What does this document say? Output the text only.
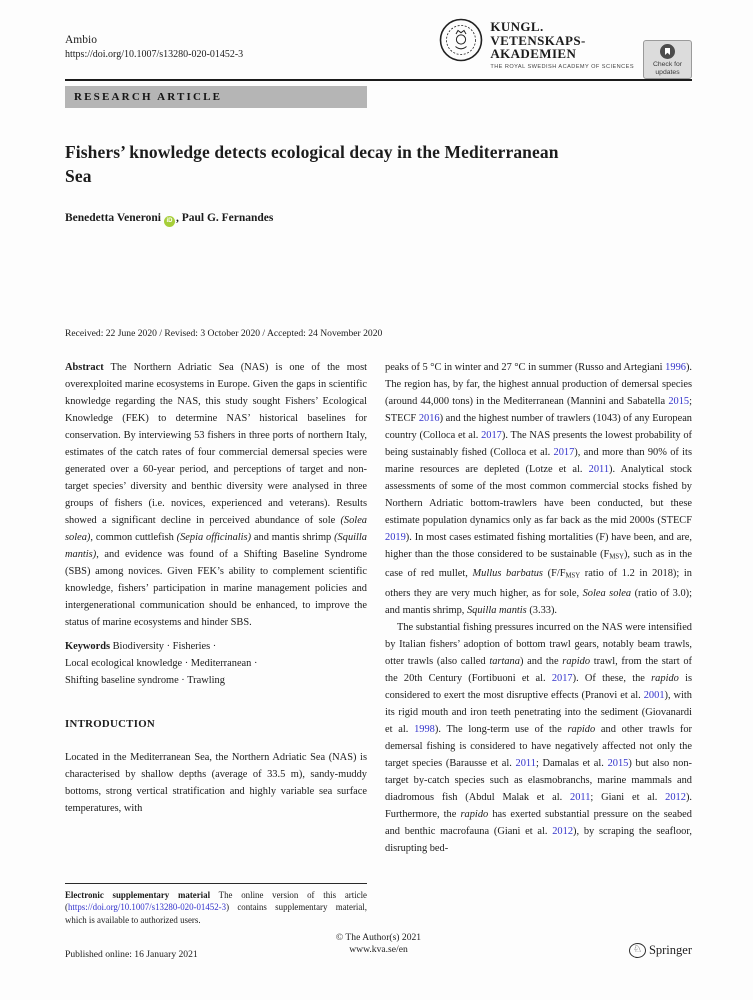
Ambio
https://doi.org/10.1007/s13280-020-01452-3
KUNGL.
VETENSKAPS-
AKADEMIEN
THE ROYAL SWEDISH ACADEMY OF SCIENCES	Check for
updates
RESEARCH ARTICLE
Fishers’ knowledge detects ecological decay in the Mediterranean
Sea
Benedetta Veneroni iD , Paul G. Fernandes
Received: 22 June 2020 / Revised: 3 October 2020 / Accepted: 24 November 2020

Abstract The Northern Adriatic Sea (NAS) is one of the most overexploited marine ecosystems in Europe. Given the gaps in scientific knowledge regarding the NAS, this study sought Fishers’ Ecological Knowledge (FEK) to determine NAS’ historical baselines for conservation. By interviewing 53 fishers in three ports of northern Italy, estimates of the catch rates of four commercial demersal species were generated over a 60-year period, and perceptions of target and non-target species’ diversity and benthic diversity were analysed in three groups of fishers (i.e. novices, experienced and veterans). Results showed a significant decline in perceived abundance of sole (Solea solea), common cuttlefish (Sepia officinalis) and mantis shrimp (Squilla mantis), and evidence was found of a Shifting Baseline Syndrome (SBS) among novices. Given FEK’s ability to complement scientific knowledge, fishers’ participation in marine management policies and intergenerational communication should be enhanced, to improve the status of marine ecosystems and hinder SBS.

Keywords Biodiversity · Fisheries ·
Local ecological knowledge · Mediterranean ·
Shifting baseline syndrome · Trawling
INTRODUCTION

Located in the Mediterranean Sea, the Northern Adriatic Sea (NAS) is characterised by shallow depths (average of 33.5 m), sandy-muddy bottoms, strong vertical stratification and highly variable sea surface temperatures, with

Electronic supplementary material The online version of this article (https://doi.org/10.1007/s13280-020-01452-3) contains supplementary material, which is available to authorized users.

peaks of 5 °C in winter and 27 °C in summer (Russo and Artegiani 1996). The region has, by far, the highest annual production of demersal species (around 44,000 tons) in the Mediterranean (Mannini and Sabatella 2015; STECF 2016) and the highest number of trawlers (1043) of any European country (Colloca et al. 2017). The NAS presents the lowest probability of being sustainably fished (Colloca et al. 2017), and more than 90% of its marine resources are depleted (Lotze et al. 2011). Analytical stock assessments of some of the most common commercial stocks fished by Northern Adriatic bottom-trawlers have been conducted, but these estimate population dynamics only as far back as the mid 2000s (STECF 2019). In most cases estimated fishing mortalities (F) have been, and are, higher than the those considered to be sustainable (FMSY), such as in the case of red mullet, Mullus barbatus (F/FMSY ratio of 1.2 in 2018); in others they are very much higher, as for sole, Solea solea (ratio of 3.0); and mantis shrimp, Squilla mantis (3.33).

The substantial fishing pressures incurred on the NAS were intensified by Italian fishers’ adoption of bottom trawl gears, notably beam trawls, otter trawls (also called tartana) and the rapido trawl, from the start of the 20th Century (Fortibuoni et al. 2017). Of these, the rapido is considered to exert the most disruptive effects (Pranovi et al. 2001), with its rigid mouth and iron teeth penetrating into the sediment (Giovanardi et al. 1998). The long-term use of the rapido and other trawls for demersal fishing is considered to have negatively affected not only the target species (Barausse et al. 2011; Damalas et al. 2015) but also non-target by-catch species such as elasmobranchs, marine mammals and diadromous fish (Abdul Malak et al. 2011; Giani et al. 2012). Furthermore, the rapido has exerted substantial pressure on the seabed and benthic macrofauna (Giani et al. 2012), by scraping the seafloor, disrupting bed-

Published online: 16 January 2021
© The Author(s) 2021
www.kva.se/en	♘ Springer
